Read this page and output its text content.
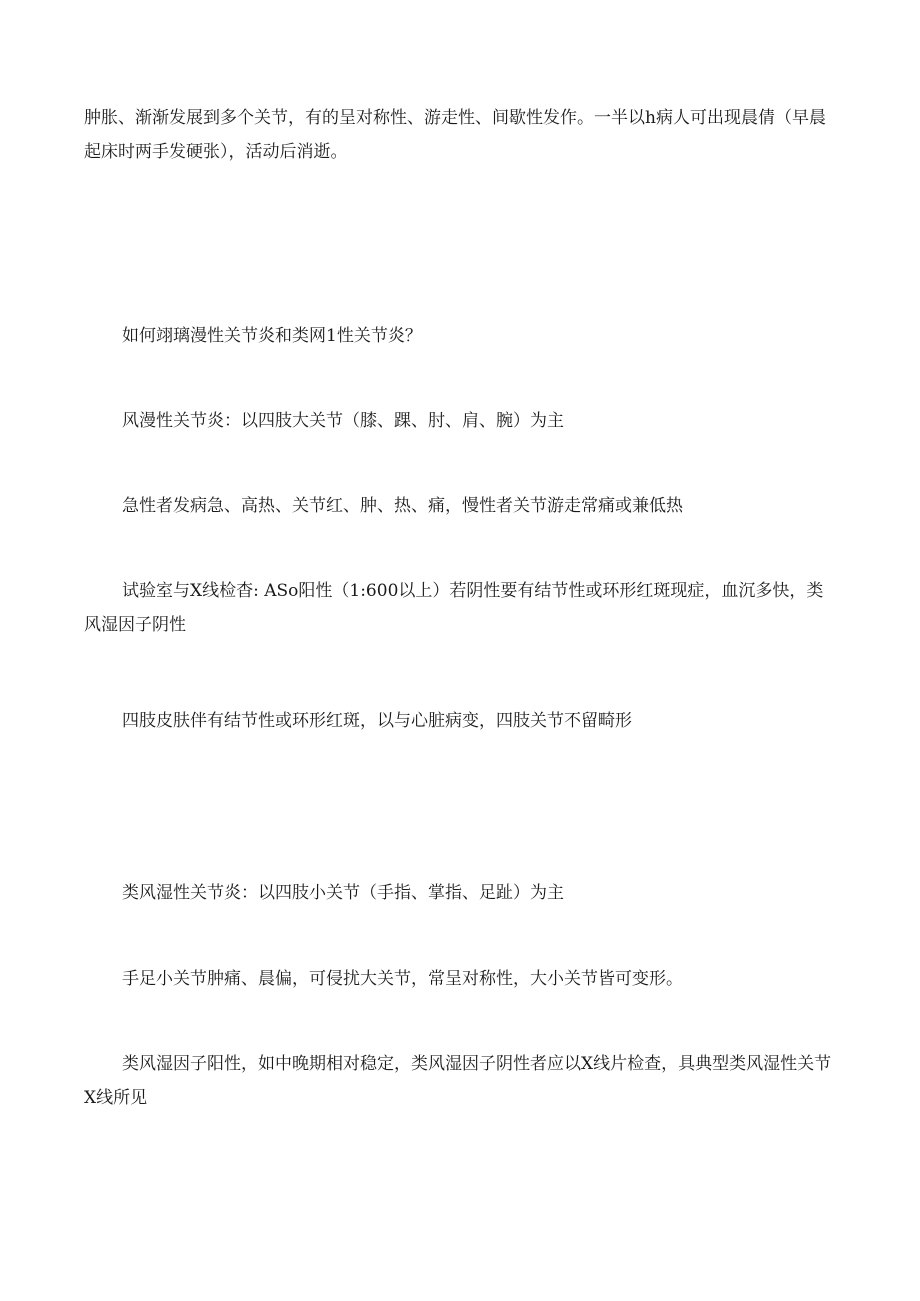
肿胀、渐渐发展到多个关节，有的呈对称性、游走性、间歇性发作。一半以h病人可出现晨倩（早晨起床时两手发硬张），活动后消逝。

如何翊璃漫性关节炎和类网1性关节炎？

风漫性关节炎：以四肢大关节（膝、踝、肘、肩、腕）为主

急性者发病急、高热、关节红、肿、热、痛，慢性者关节游走常痛或兼低热

试验室与X线检杳: ASo阳性（1:600以上）若阴性要有结节性或环形红斑现症，血沉多快，类风湿因子阴性

四肢皮肤伴有结节性或环形红斑，以与心脏病变，四肢关节不留畸形

类风湿性关节炎：以四肢小关节（手指、掌指、足趾）为主

手足小关节肿痛、晨偏，可侵扰大关节，常呈对称性，大小关节皆可变形。

类风湿因子阳性，如中晚期相对稳定，类风湿因子阴性者应以X线片检查，具典型类风湿性关节X线所见
